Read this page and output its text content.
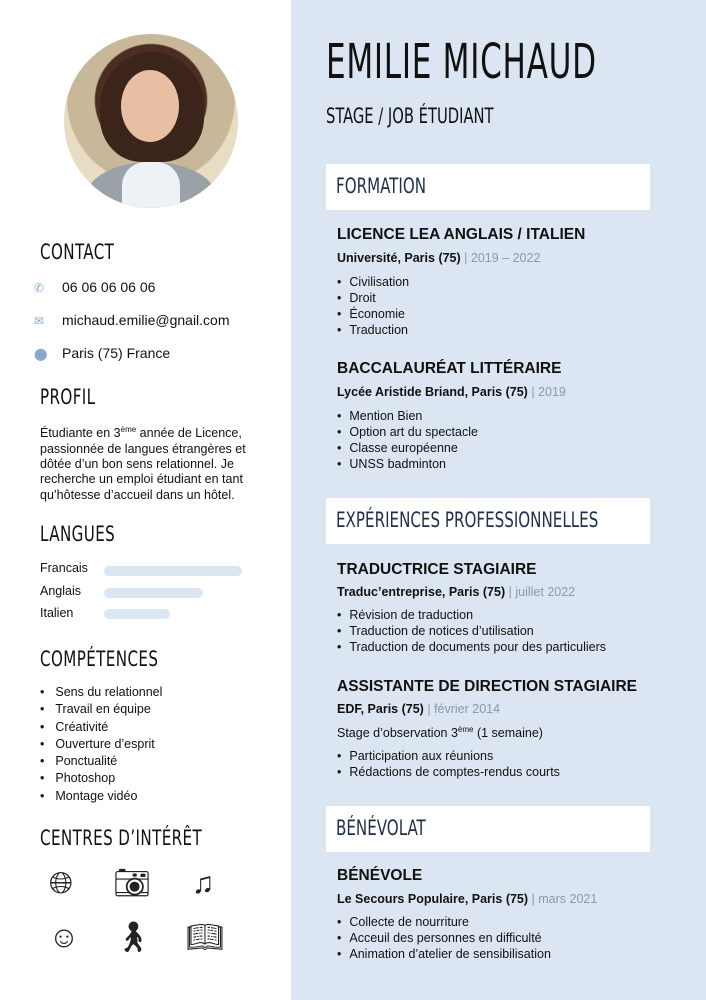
CONTACT
✆ 06 06 06 06 06
✉ michaud.emilie@gnail.com
⬤ Paris (75) France
PROFIL
Étudiante en 3ème année de Licence, passionnée de langues étrangères et dôtée d’un bon sens relationnel. Je recherche un emploi étudiant en tant qu’hôtesse d’accueil dans un hôtel.
LANGUES
Francais
Anglais
Italien
COMPÉTENCES
• Sens du relationnel
• Travail en équipe
• Créativité
• Ouverture d’esprit
• Ponctualité
• Photoshop
• Montage vidéo
CENTRES D’INTÉRÊT
🌐︎ 📷︎ ♫
☺ 🚶︎ 📖︎
EMILIE MICHAUD
STAGE / JOB ÉTUDIANT
FORMATION
LICENCE LEA ANGLAIS / ITALIEN
Université, Paris (75) | 2019 – 2022
• Civilisation
• Droit
• Économie
• Traduction
BACCALAURÉAT LITTÉRAIRE
Lycée Aristide Briand, Paris (75) | 2019
• Mention Bien
• Option art du spectacle
• Classe européenne
• UNSS badminton
EXPÉRIENCES PROFESSIONNELLES
TRADUCTRICE STAGIAIRE
Traduc’entreprise, Paris (75) | juillet 2022
• Révision de traduction
• Traduction de notices d’utilisation
• Traduction de documents pour des particuliers
ASSISTANTE DE DIRECTION STAGIAIRE
EDF, Paris (75) | février 2014
Stage d’observation 3ème (1 semaine)
• Participation aux réunions
• Rédactions de comptes-rendus courts
BÉNÉVOLAT
BÉNÉVOLE
Le Secours Populaire, Paris (75) | mars 2021
• Collecte de nourriture
• Acceuil des personnes en difficulté
• Animation d’atelier de sensibilisation
